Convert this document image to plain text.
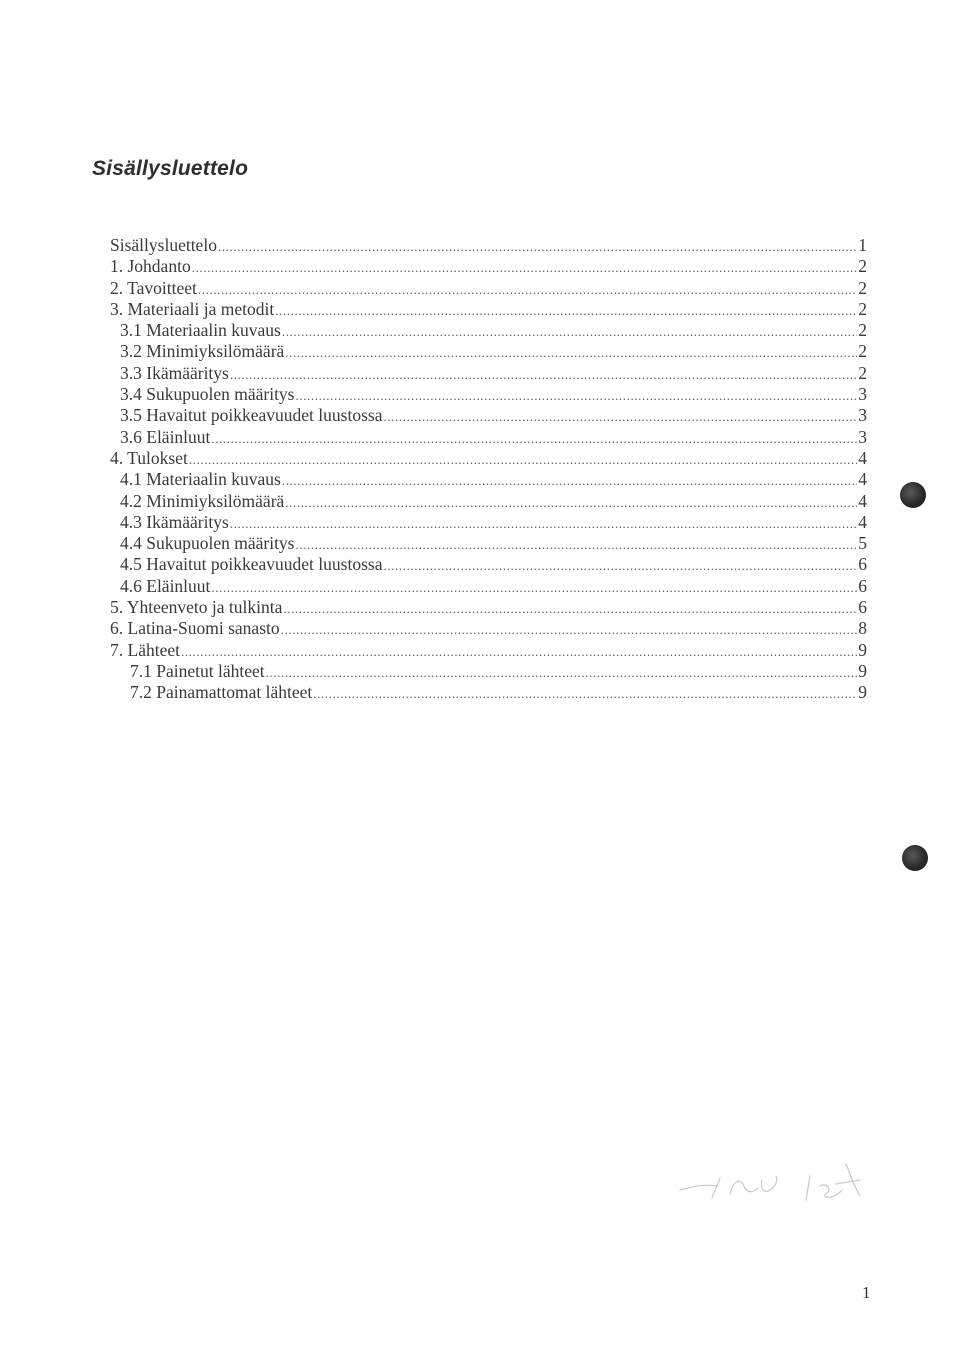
Sisällysluettelo
Sisällysluettelo .....	1
1. Johdanto .....	2
2. Tavoitteet .....	2
3. Materiaali ja metodit .....	2
3.1 Materiaalin kuvaus .....	2
3.2 Minimiyksilömäärä .....	2
3.3 Ikämääritys .....	2
3.4 Sukupuolen määritys .....	3
3.5 Havaitut poikkeavuudet luustossa .....	3
3.6 Eläinluut .....	3
4. Tulokset .....	4
4.1 Materiaalin kuvaus .....	4
4.2 Minimiyksilömäärä .....	4
4.3 Ikämääritys .....	4
4.4 Sukupuolen määritys .....	5
4.5 Havaitut poikkeavuudet luustossa .....	6
4.6 Eläinluut .....	6
5. Yhteenveto ja tulkinta .....	6
6. Latina-Suomi sanasto .....	8
7. Lähteet .....	9
7.1 Painetut lähteet .....	9
7.2 Painamattomat lähteet .....	9
1
